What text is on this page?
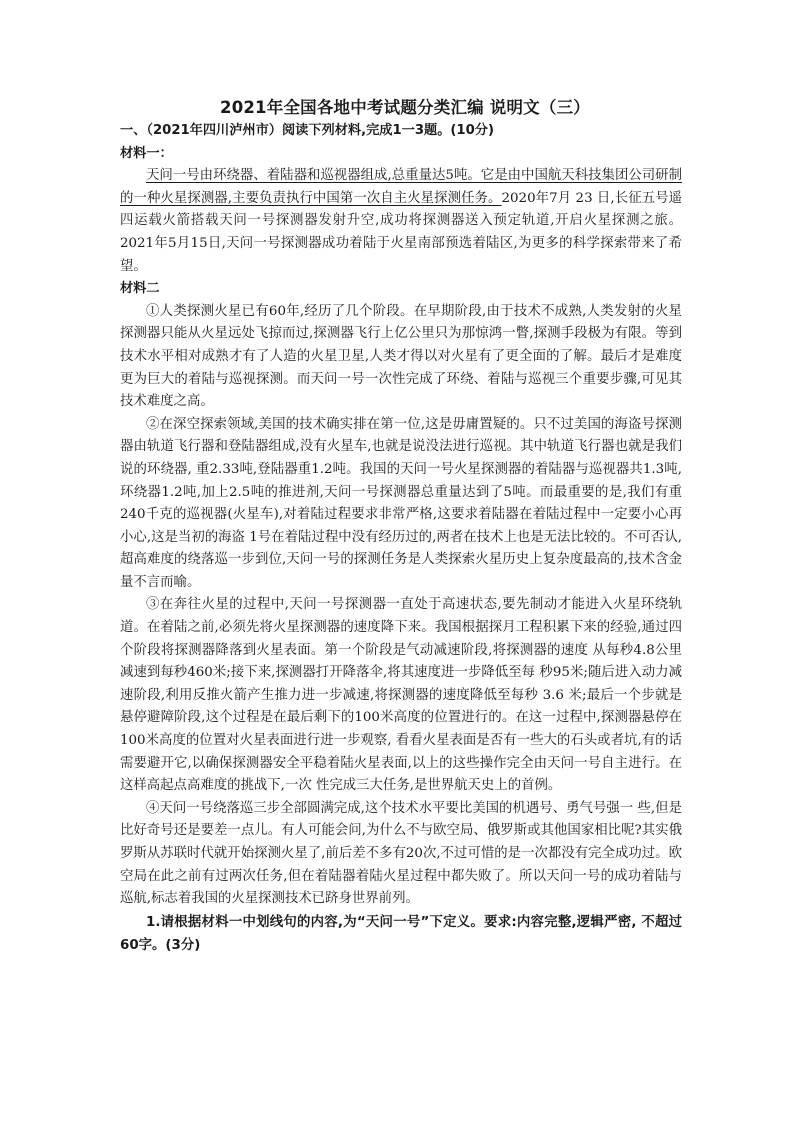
2021年全国各地中考试题分类汇编 说明文（三）
一、（2021年四川泸州市）阅读下列材料,完成1一3题。(10分)
材料一：

天问一号由环绕器、着陆器和巡视器组成,总重量达5吨。它是由中国航天科技集团公司研制的一种火星探测器,主要负责执行中国第一次自主火星探测任务。2020年7月 23 日,长征五号遥四运载火箭搭载天问一号探测器发射升空,成功将探测器送入预定轨道,开启火星探测之旅。2021年5月15日,天问一号探测器成功着陆于火星南部预选着陆区,为更多的科学探索带来了希望。

材料二

①人类探测火星已有60年,经历了几个阶段。在早期阶段,由于技术不成熟,人类发射的火星探测器只能从火星远处飞掠而过,探测器飞行上亿公里只为那惊鸿一瞥,探测手段极为有限。等到技术水平相对成熟才有了人造的火星卫星,人类才得以对火星有了更全面的了解。最后才是难度更为巨大的着陆与巡视探测。而天问一号一次性完成了环绕、着陆与巡视三个重要步骤,可见其技术难度之高。

②在深空探索领域,美国的技术确实排在第一位,这是毋庸置疑的。只不过美国的海盗号探测器由轨道飞行器和登陆器组成,没有火星车,也就是说没法进行巡视。其中轨道飞行器也就是我们说的环绕器, 重2.33吨,登陆器重1.2吨。我国的天问一号火星探测器的着陆器与巡视器共1.3吨,环绕器1.2吨,加上2.5吨的推进剂,天问一号探测器总重量达到了5吨。而最重要的是,我们有重240千克的巡视器(火星车),对着陆过程要求非常严格,这要求着陆器在着陆过程中一定要小心再小心,这是当初的海盗 1号在着陆过程中没有经历过的,两者在技术上也是无法比较的。不可否认,超高难度的绕落巡一步到位,天问一号的探测任务是人类探索火星历史上复杂度最高的,技术含金量不言而喻。

③在奔往火星的过程中,天问一号探测器一直处于高速状态,要先制动才能进入火星环绕轨道。在着陆之前,必须先将火星探测器的速度降下来。我国根据探月工程积累下来的经验,通过四个阶段将探测器降落到火星表面。第一个阶段是气动减速阶段,将探测器的速度 从每秒4.8公里减速到每秒460米;接下来,探测器打开降落伞,将其速度进一步降低至每 秒95米;随后进入动力减速阶段,利用反推火箭产生推力进一步减速,将探测器的速度降低至每秒 3.6 米;最后一个步就是悬停避障阶段,这个过程是在最后剩下的100米高度的位置进行的。在这一过程中,探测器悬停在100米高度的位置对火星表面进行进一步观察, 看看火星表面是否有一些大的石头或者坑,有的话需要避开它,以确保探测器安全平稳着陆火星表面,以上的这些操作完全由天问一号自主进行。在这样高起点高难度的挑战下,一次 性完成三大任务,是世界航天史上的首例。

④天问一号绕落巡三步全部圆满完成,这个技术水平要比美国的机遇号、勇气号强一 些,但是比好奇号还是要差一点儿。有人可能会问,为什么不与欧空局、俄罗斯或其他国家相比呢?其实俄罗斯从苏联时代就开始探测火星了,前后差不多有20次,不过可惜的是一次都没有完全成功过。欧空局在此之前有过两次任务,但在着陆器着陆火星过程中都失败了。所以天问一号的成功着陆与巡航,标志着我国的火星探测技术已跻身世界前列。

1.请根据材料一中划线句的内容,为“天问一号”下定义。要求:内容完整,逻辑严密, 不超过60字。(3分)
